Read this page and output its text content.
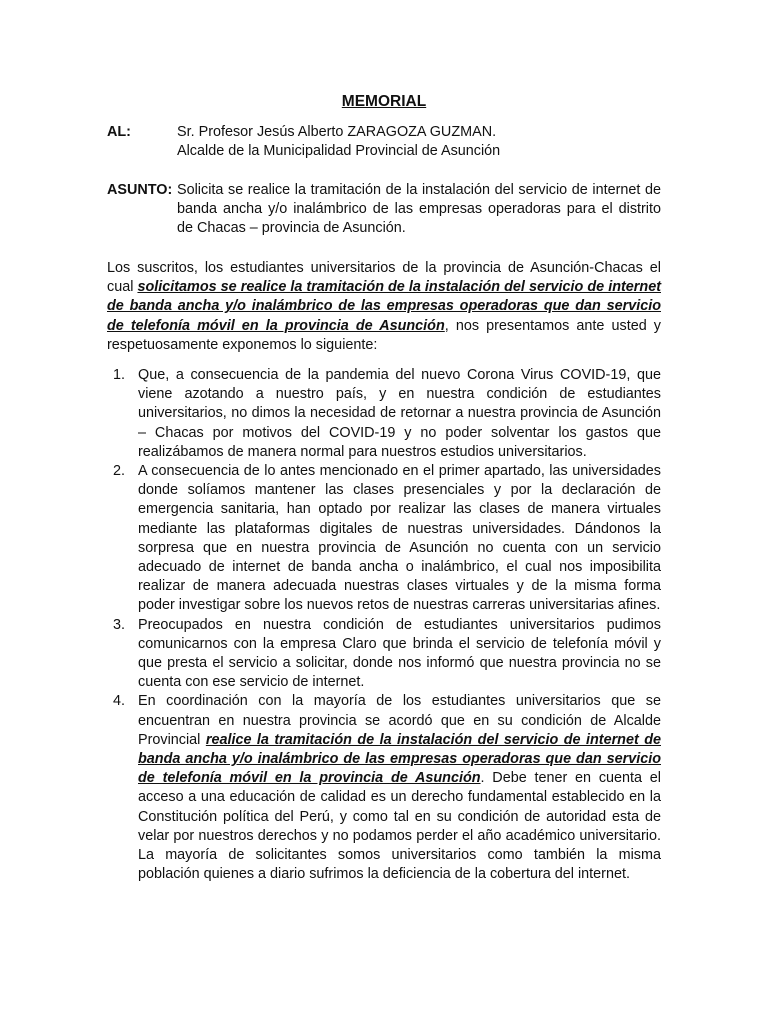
MEMORIAL
AL:	Sr. Profesor Jesús Alberto ZARAGOZA GUZMAN.
Alcalde de la Municipalidad Provincial de Asunción
ASUNTO: Solicita se realice la tramitación de la instalación del servicio de internet de banda ancha y/o inalámbrico de las empresas operadoras para el distrito de Chacas – provincia de Asunción.
Los suscritos, los estudiantes universitarios de la provincia de Asunción-Chacas el cual solicitamos se realice la tramitación de la instalación del servicio de internet de banda ancha y/o inalámbrico de las empresas operadoras que dan servicio de telefonía móvil en la provincia de Asunción, nos presentamos ante usted y respetuosamente exponemos lo siguiente:
1. Que, a consecuencia de la pandemia del nuevo Corona Virus COVID-19, que viene azotando a nuestro país, y en nuestra condición de estudiantes universitarios, no dimos la necesidad de retornar a nuestra provincia de Asunción – Chacas por motivos del COVID-19 y no poder solventar los gastos que realizábamos de manera normal para nuestros estudios universitarios.
2. A consecuencia de lo antes mencionado en el primer apartado, las universidades donde solíamos mantener las clases presenciales y por la declaración de emergencia sanitaria, han optado por realizar las clases de manera virtuales mediante las plataformas digitales de nuestras universidades. Dándonos la sorpresa que en nuestra provincia de Asunción no cuenta con un servicio adecuado de internet de banda ancha o inalámbrico, el cual nos imposibilita realizar de manera adecuada nuestras clases virtuales y de la misma forma poder investigar sobre los nuevos retos de nuestras carreras universitarias afines.
3. Preocupados en nuestra condición de estudiantes universitarios pudimos comunicarnos con la empresa Claro que brinda el servicio de telefonía móvil y que presta el servicio a solicitar, donde nos informó que nuestra provincia no se cuenta con ese servicio de internet.
4. En coordinación con la mayoría de los estudiantes universitarios que se encuentran en nuestra provincia se acordó que en su condición de Alcalde Provincial realice la tramitación de la instalación del servicio de internet de banda ancha y/o inalámbrico de las empresas operadoras que dan servicio de telefonía móvil en la provincia de Asunción. Debe tener en cuenta el acceso a una educación de calidad es un derecho fundamental establecido en la Constitución política del Perú, y como tal en su condición de autoridad esta de velar por nuestros derechos y no podamos perder el año académico universitario. La mayoría de solicitantes somos universitarios como también la misma población quienes a diario sufrimos la deficiencia de la cobertura del internet.
